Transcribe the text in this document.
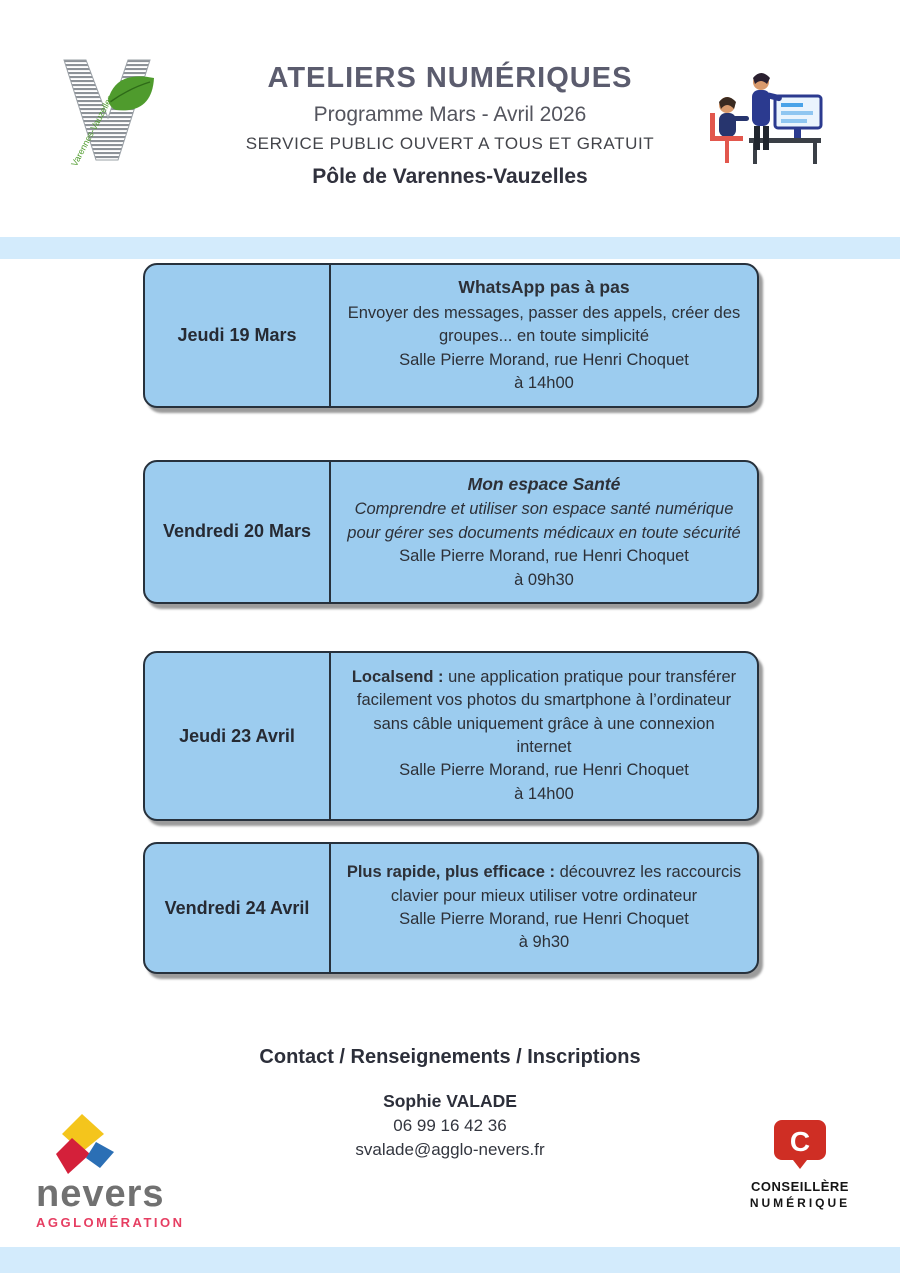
Varennes-Vauzelles
ATELIERS NUMÉRIQUES
Programme Mars - Avril 2026
SERVICE PUBLIC OUVERT A TOUS ET GRATUIT
Pôle de Varennes-Vauzelles
Jeudi 19 Mars
WhatsApp pas à pas
Envoyer des messages, passer des appels, créer des groupes... en toute simplicité
Salle Pierre Morand, rue Henri Choquet
à 14h00
Vendredi 20 Mars
Mon espace Santé
Comprendre et utiliser son espace santé numérique pour gérer ses documents médicaux en toute sécurité
Salle Pierre Morand, rue Henri Choquet
à 09h30
Jeudi 23 Avril
Localsend : une application pratique pour transférer facilement vos photos du smartphone à l’ordinateur sans câble uniquement grâce à une connexion internet
Salle Pierre Morand, rue Henri Choquet
à 14h00
Vendredi 24 Avril
Plus rapide, plus efficace : découvrez les raccourcis clavier pour mieux utiliser votre ordinateur
Salle Pierre Morand, rue Henri Choquet
à 9h30
Contact / Renseignements / Inscriptions
Sophie VALADE
06 99 16 42 36
svalade@agglo-nevers.fr
nevers
AGGLOMÉRATION
C
CONSEILLÈRE
NUMÉRIQUE
